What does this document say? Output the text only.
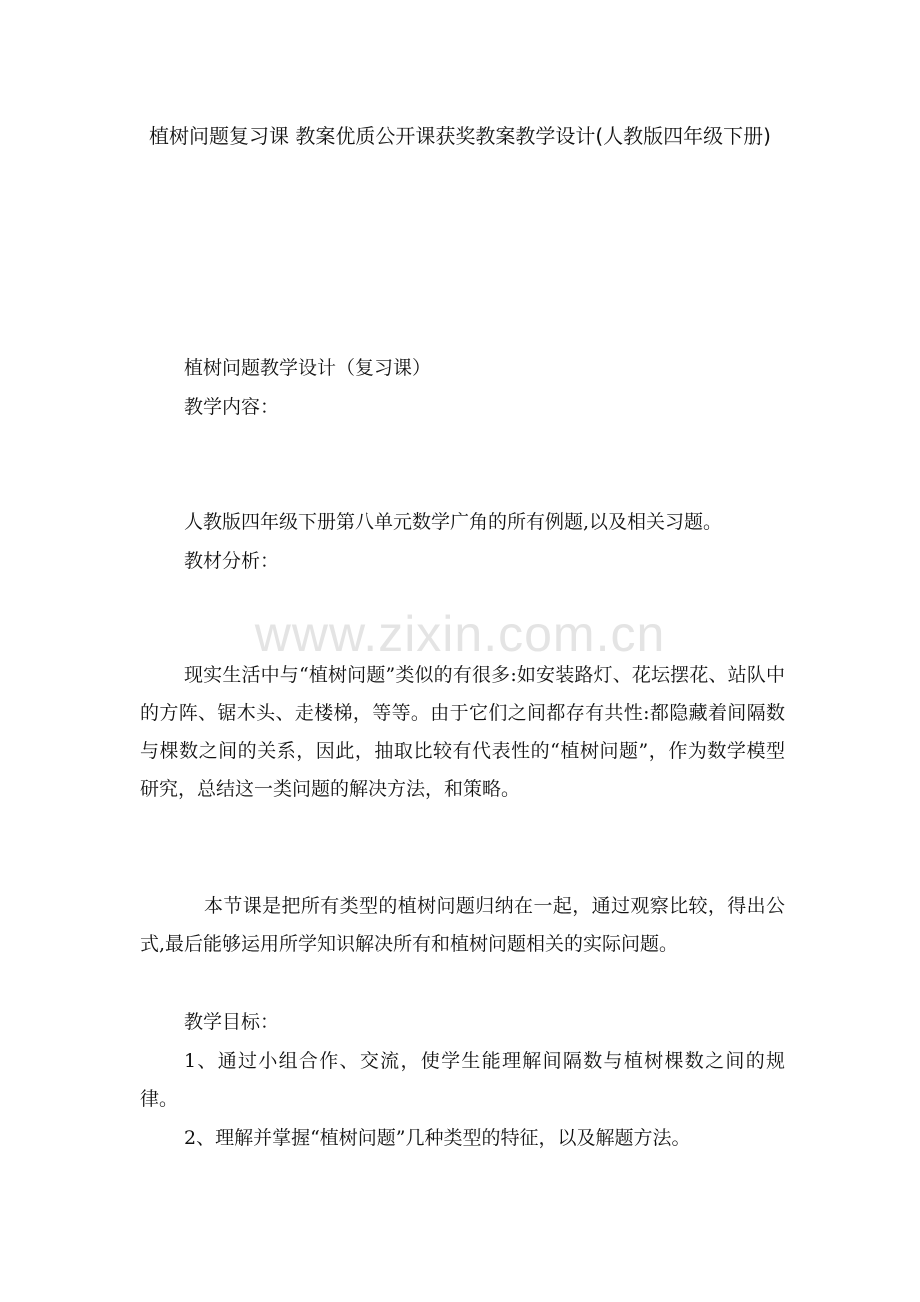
植树问题复习课 教案优质公开课获奖教案教学设计(人教版四年级下册)
www.zixin.com.cn

植树问题教学设计（复习课）

教学内容：

人教版四年级下册第八单元数学广角的所有例题,以及相关习题。

教材分析：

现实生活中与“植树问题”类似的有很多:如安装路灯、花坛摆花、站队中的方阵、锯木头、走楼梯，等等。由于它们之间都存有共性:都隐藏着间隔数与棵数之间的关系，因此，抽取比较有代表性的“植树问题”，作为数学模型研究，总结这一类问题的解决方法，和策略。

本节课是把所有类型的植树问题归纳在一起，通过观察比较，得出公式,最后能够运用所学知识解决所有和植树问题相关的实际问题。

教学目标：

1、通过小组合作、交流，使学生能理解间隔数与植树棵数之间的规律。

2、理解并掌握“植树问题”几种类型的特征，以及解题方法。
